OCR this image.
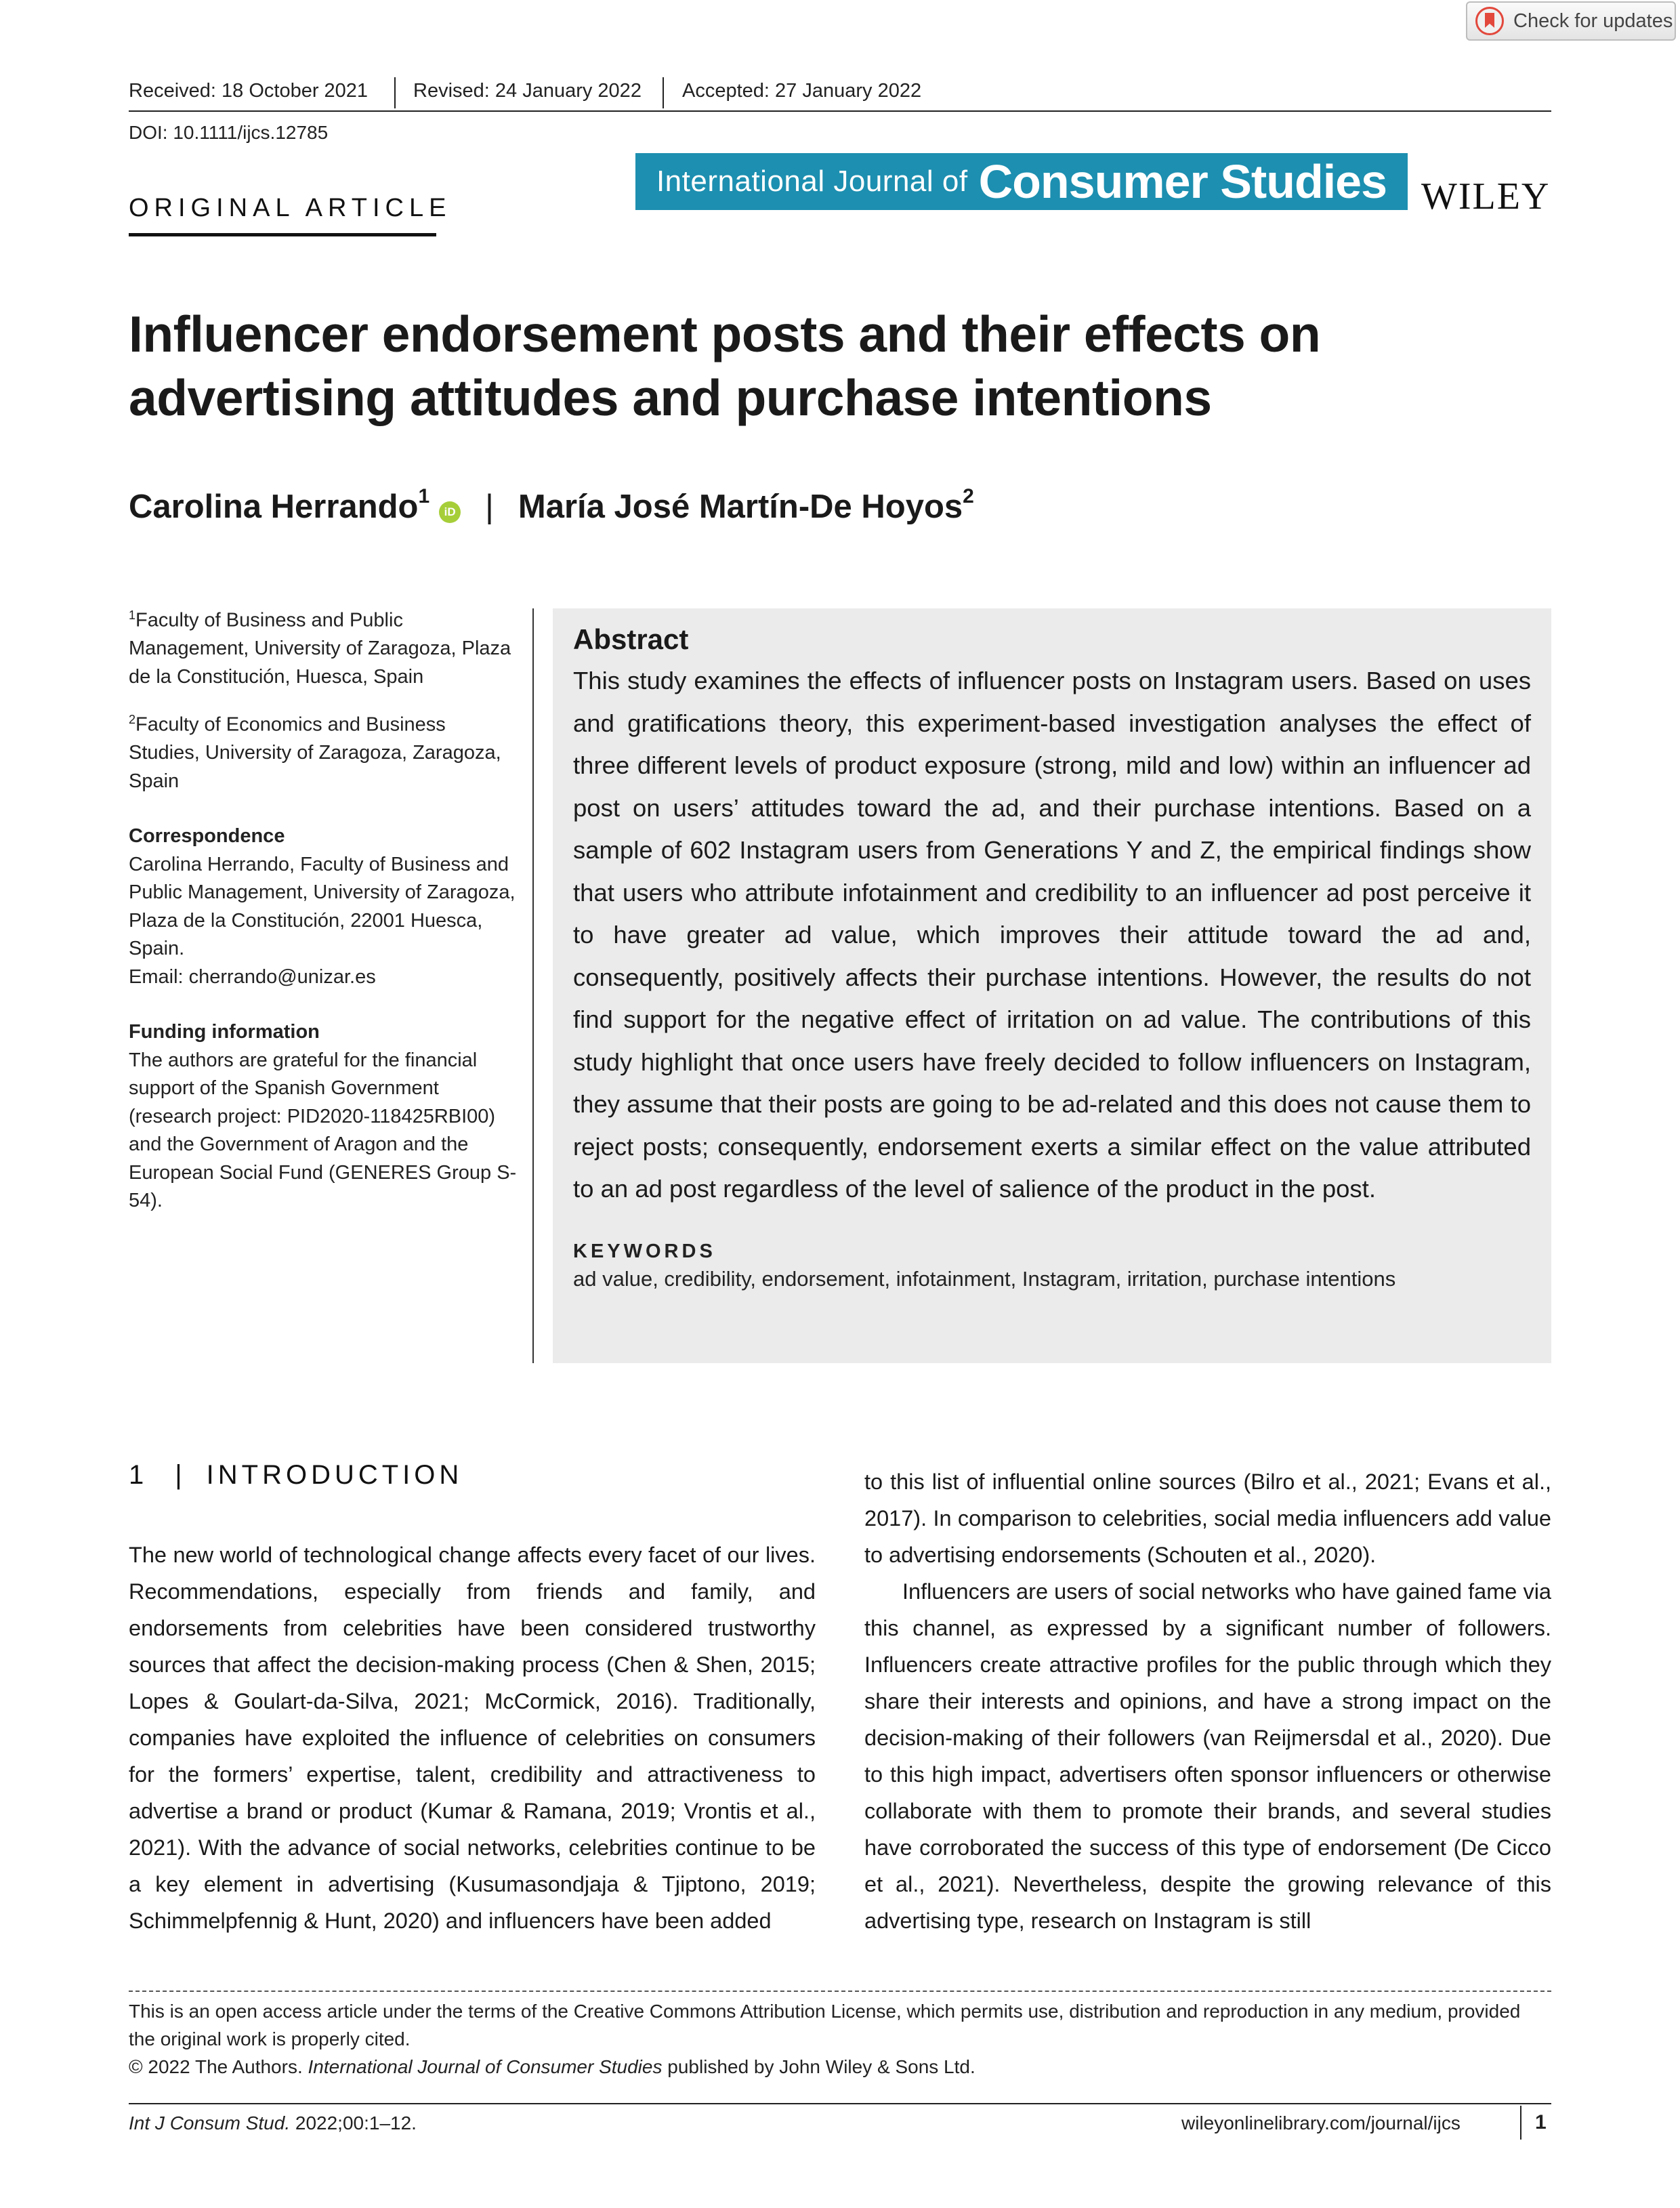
Check for updates
Received: 18 October 2021 Revised: 24 January 2022 Accepted: 27 January 2022
DOI: 10.1111/ijcs.12785
ORIGINAL ARTICLE
International Journal of Consumer Studies WILEY
Influencer endorsement posts and their effects on advertising attitudes and purchase intentions
Carolina Herrando$^1$
iD | María José Martín-De Hoyos$^2$

$^1$Faculty of Business and Public Management, University of Zaragoza, Plaza de la Constitución, Huesca, Spain

$^2$Faculty of Economics and Business Studies, University of Zaragoza, Zaragoza, Spain

Correspondence

Carolina Herrando, Faculty of Business and Public Management, University of Zaragoza, Plaza de la Constitución, 22001 Huesca, Spain.

Email: cherrando@unizar.es

Funding information

The authors are grateful for the financial support of the Spanish Government (research project: PID2020-118425RBI00) and the Government of Aragon and the European Social Fund (GENERES Group S-54).

Abstract

This study examines the effects of influencer posts on Instagram users. Based on uses and gratifications theory, this experiment-based investigation analyses the effect of three different levels of product exposure (strong, mild and low) within an influencer ad post on users’ attitudes toward the ad, and their purchase intentions. Based on a sample of 602 Instagram users from Generations Y and Z, the empirical findings show that users who attribute infotainment and credibility to an influencer ad post perceive it to have greater ad value, which improves their attitude toward the ad and, consequently, positively affects their purchase intentions. However, the results do not find support for the negative effect of irritation on ad value. The contributions of this study highlight that once users have freely decided to follow influencers on Instagram, they assume that their posts are going to be ad-related and this does not cause them to reject posts; consequently, endorsement exerts a similar effect on the value attributed to an ad post regardless of the level of salience of the product in the post.

KEYWORDS
ad value, credibility, endorsement, infotainment, Instagram, irritation, purchase intentions
1 | INTRODUCTION

The new world of technological change affects every facet of our lives. Recommendations, especially from friends and family, and endorsements from celebrities have been considered trustworthy sources that affect the decision-making process (Chen & Shen, 2015; Lopes & Goulart-da-Silva, 2021; McCormick, 2016). Traditionally, companies have exploited the influence of celebrities on consumers for the formers’ expertise, talent, credibility and attractiveness to advertise a brand or product (Kumar & Ramana, 2019; Vrontis et al., 2021). With the advance of social networks, celebrities continue to be a key element in advertising (Kusumasondjaja & Tjiptono, 2019; Schimmelpfennig & Hunt, 2020) and influencers have been added

to this list of influential online sources (Bilro et al., 2021; Evans et al., 2017). In comparison to celebrities, social media influencers add value to advertising endorsements (Schouten et al., 2020).

Influencers are users of social networks who have gained fame via this channel, as expressed by a significant number of followers. Influencers create attractive profiles for the public through which they share their interests and opinions, and have a strong impact on the decision-making of their followers (van Reijmersdal et al., 2020). Due to this high impact, advertisers often sponsor influencers or otherwise collaborate with them to promote their brands, and several studies have corroborated the success of this type of endorsement (De Cicco et al., 2021). Nevertheless, despite the growing relevance of this advertising type, research on Instagram is still

This is an open access article under the terms of the Creative Commons Attribution License, which permits use, distribution and reproduction in any medium, provided the original work is properly cited.

© 2022 The Authors. International Journal of Consumer Studies published by John Wiley & Sons Ltd.

Int J Consum Stud. 2022;00:1–12.	wileyonlinelibrary.com/journal/ijcs	1
